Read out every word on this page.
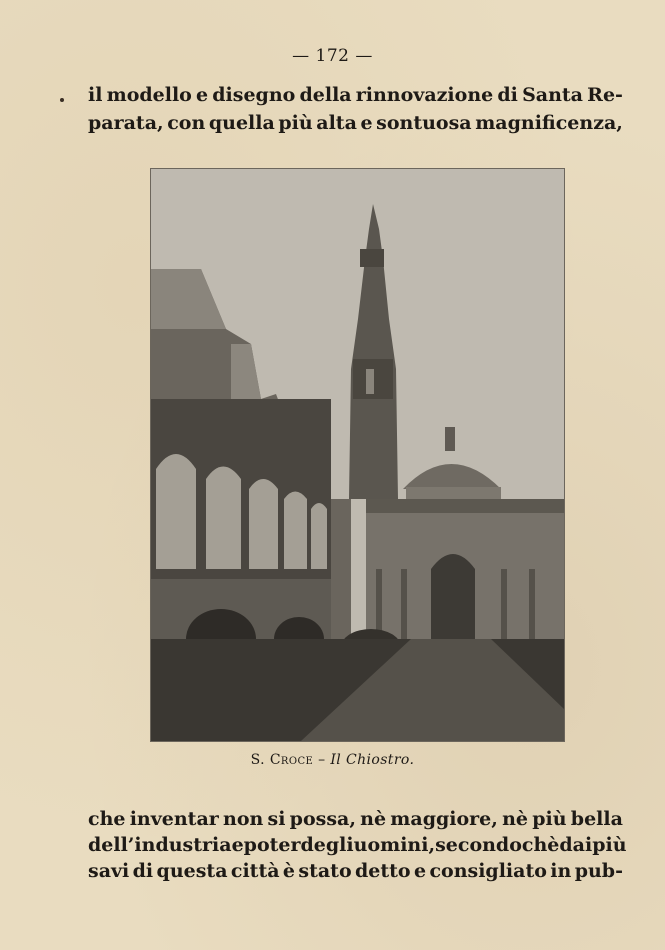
— 172 —
il modello e disegno della rinnovazione di Santa Re-
parata, con quella più alta e sontuosa magnificenza,
S. Croce – Il Chiostro.
che inventar non si possa, nè maggiore, nè più bella
dell’industria e poter degli uomini, secondochè dai più
savi di questa città è stato detto e consigliato in pub-
